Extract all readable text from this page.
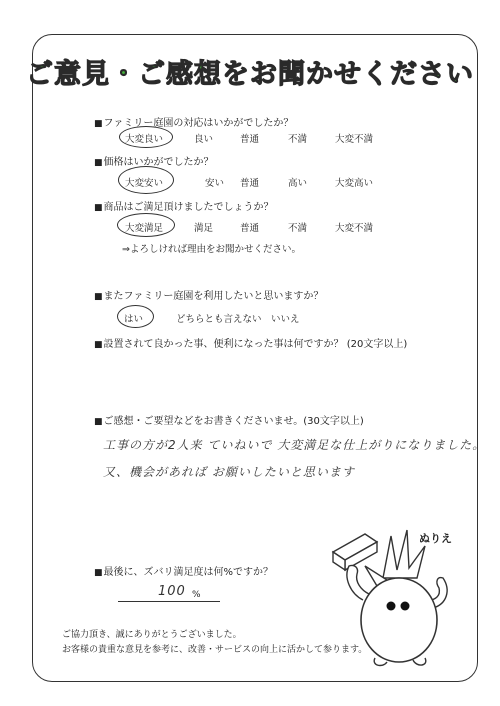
ご意見・ご感想をお聞かせください
■ファミリー庭園の対応はいかがでしたか？
大変良い	良い	普通	不満	大変不満
■価格はいかがでしたか？
大変安い	安い 普通	高い	大変高い
■商品はご満足頂けましたでしょうか？
大変満足	満足	普通	不満	大変不満
⇒よろしければ理由をお聞かせください。
■またファミリー庭園を利用したいと思いますか？
はい	どちらとも言えない いいえ
■設置されて良かった事、便利になった事は何ですか？ (20文字以上)
■ご感想・ご要望などをお書きくださいませ。(30文字以上)
工事の方が2人来 ていねいで 大変満足な仕上がりになりました。
又、機会があれば お願いしたいと思います
■最後に、ズバリ満足度は何%ですか？
100 %
ご協力頂き、誠にありがとうございました。
お客様の貴重な意見を参考に、改善・サービスの向上に活かして参ります。
ぬりえ
